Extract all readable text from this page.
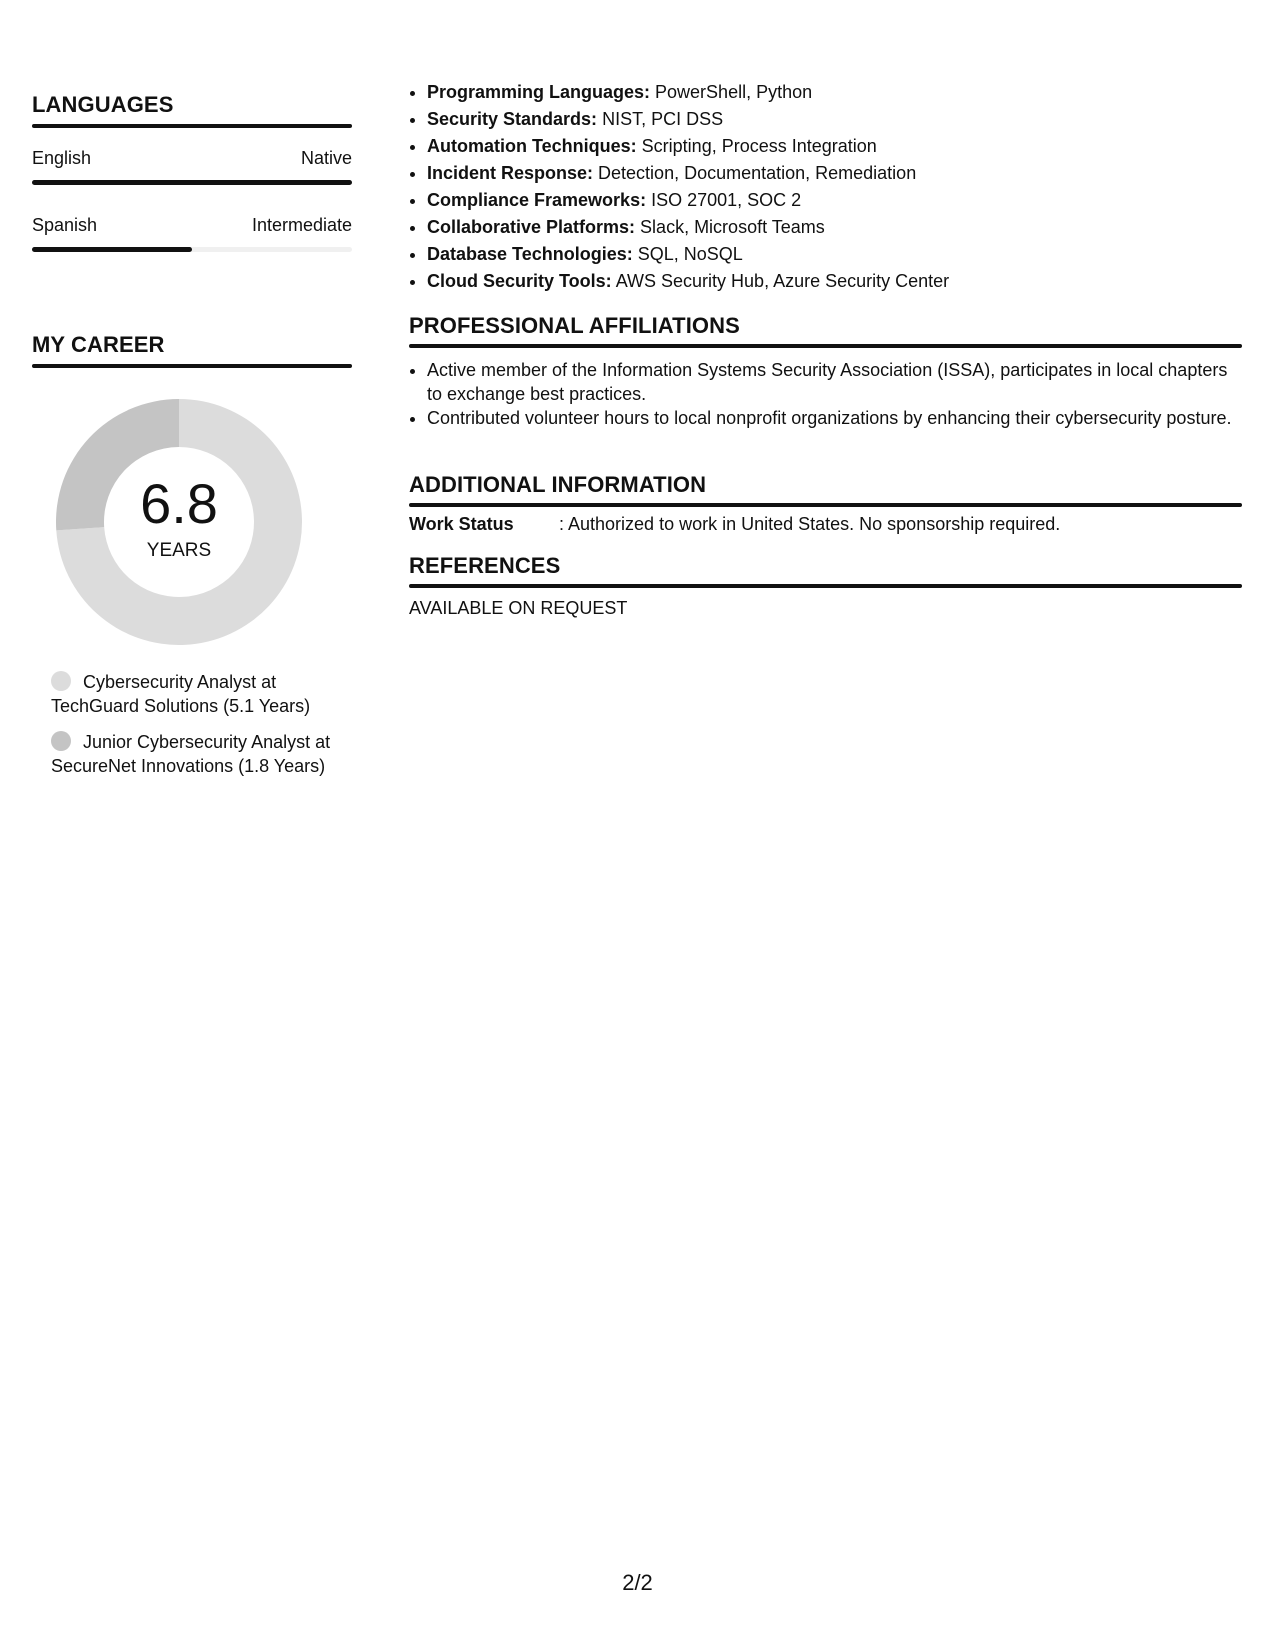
LANGUAGES
English	Native
Spanish	Intermediate
MY CAREER
6.8
YEARS
Cybersecurity Analyst at TechGuard Solutions (5.1 Years)
Junior Cybersecurity Analyst at SecureNet Innovations (1.8 Years)
• Programming Languages: PowerShell, Python
• Security Standards: NIST, PCI DSS
• Automation Techniques: Scripting, Process Integration
• Incident Response: Detection, Documentation, Remediation
• Compliance Frameworks: ISO 27001, SOC 2
• Collaborative Platforms: Slack, Microsoft Teams
• Database Technologies: SQL, NoSQL
• Cloud Security Tools: AWS Security Hub, Azure Security Center
PROFESSIONAL AFFILIATIONS
• Active member of the Information Systems Security Association (ISSA), participates in local chapters to exchange best practices.
• Contributed volunteer hours to local nonprofit organizations by enhancing their cybersecurity posture.
ADDITIONAL INFORMATION
Work Status	: Authorized to work in United States. No sponsorship required.
REFERENCES
AVAILABLE ON REQUEST
2/2
